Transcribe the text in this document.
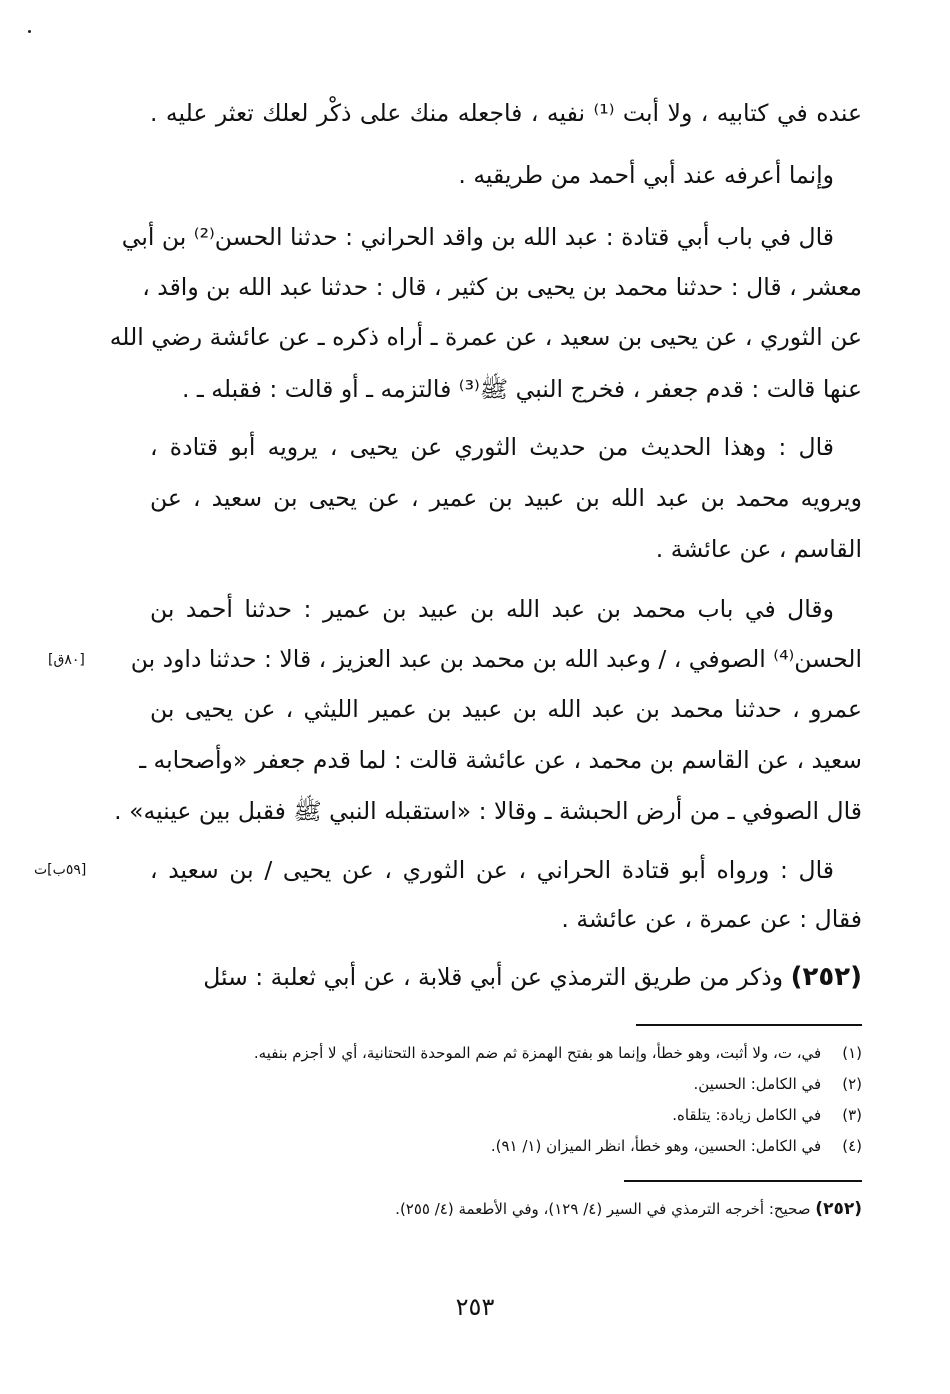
عنده في كتابيه ، ولا أبت ⁽¹⁾ نفيه ، فاجعله منك على ذكْر لعلك تعثر عليه .
وإنما أعرفه عند أبي أحمد من طريقيه .
قال في باب أبي قتادة : عبد الله بن واقد الحراني : حدثنا الحسن⁽²⁾ بن أبي
معشر ، قال : حدثنا محمد بن يحيى بن كثير ، قال : حدثنا عبد الله بن واقد ،
عن الثوري ، عن يحيى بن سعيد ، عن عمرة ـ أراه ذكره ـ عن عائشة رضي الله
عنها قالت : قدم جعفر ، فخرج النبي ﷺ⁽³⁾ فالتزمه ـ أو قالت : فقبله ـ .
قال : وهذا الحديث من حديث الثوري عن يحيى ، يرويه أبو قتادة ،
ويرويه محمد بن عبد الله بن عبيد بن عمير ، عن يحيى بن سعيد ، عن
القاسم ، عن عائشة .
وقال في باب محمد بن عبد الله بن عبيد بن عمير : حدثنا أحمد بن
الحسن⁽⁴⁾ الصوفي ، / وعبد الله بن محمد بن عبد العزيز ، قالا : حدثنا داود بن
عمرو ، حدثنا محمد بن عبد الله بن عبيد بن عمير الليثي ، عن يحيى بن
سعيد ، عن القاسم بن محمد ، عن عائشة قالت : لما قدم جعفر «وأصحابه ـ
قال الصوفي ـ من أرض الحبشة ـ وقالا : «استقبله النبي ﷺ فقبل بين عينيه» .
قال : ورواه أبو قتادة الحراني ، عن الثوري ، عن يحيى / بن سعيد ،
فقال : عن عمرة ، عن عائشة .
(٢٥٢) وذكر من طريق الترمذي عن أبي قلابة ، عن أبي ثعلبة : سئل
[٨٠ق]
[٥٩ب]ت
(١) في، ت، ولا أثبت، وهو خطأ، وإنما هو بفتح الهمزة ثم ضم الموحدة التحتانية، أي لا أجزم بنفيه.
(٢) في الكامل: الحسين.
(٣) في الكامل زيادة: يتلقاه.
(٤) في الكامل: الحسين، وهو خطأ، انظر الميزان (١/ ٩١).
(٢٥٢) صحيح: أخرجه الترمذي في السير (٤/ ١٢٩)، وفي الأطعمة (٤/ ٢٥٥).
٢٥٣
